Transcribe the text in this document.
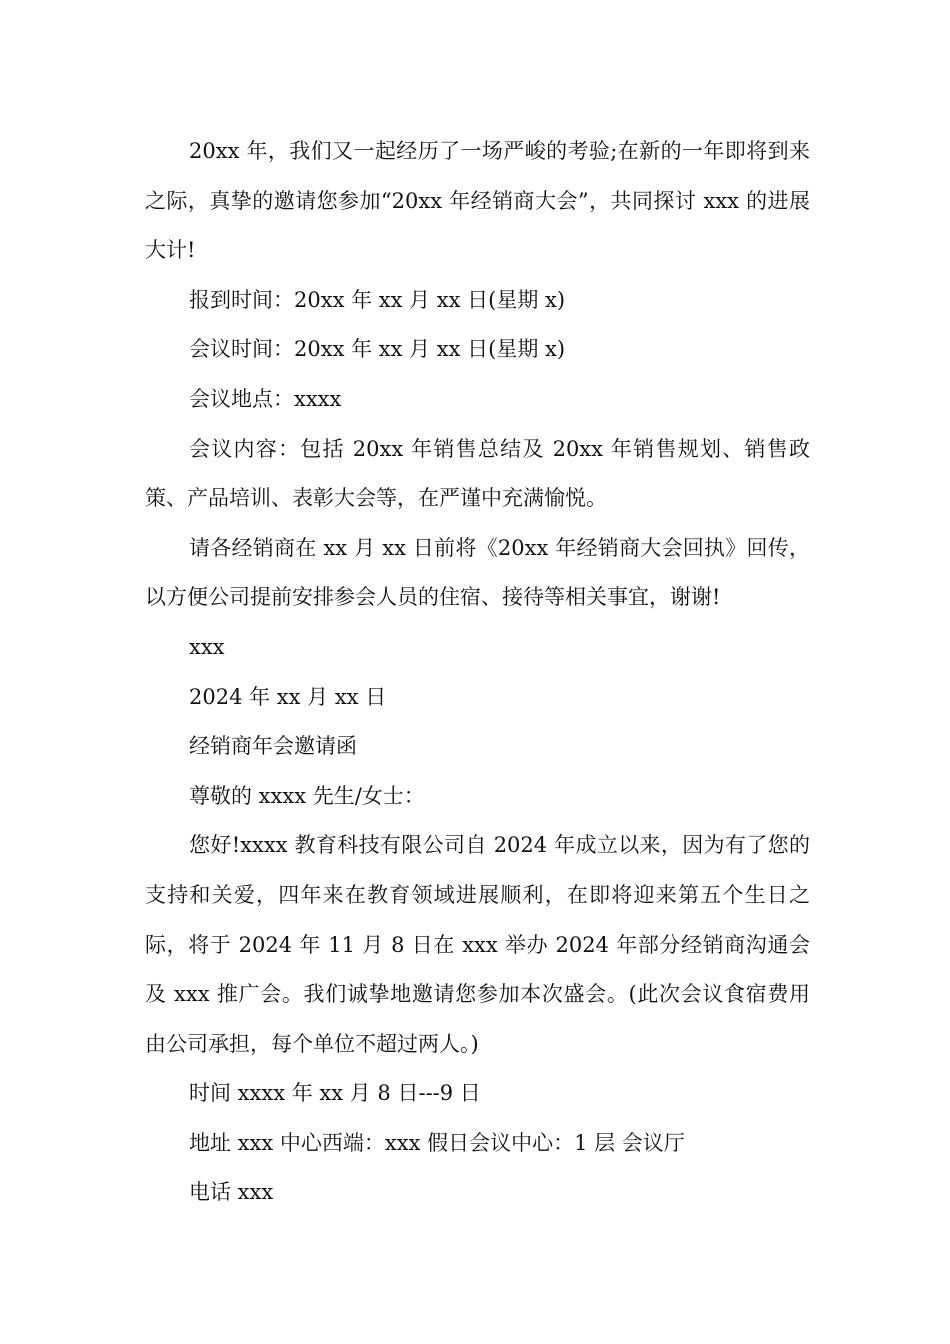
20xx 年，我们又一起经历了一场严峻的考验;在新的一年即将到来之际，真挚的邀请您参加“20xx 年经销商大会”，共同探讨 xxx 的进展大计!

报到时间：20xx 年 xx 月 xx 日(星期 x)

会议时间：20xx 年 xx 月 xx 日(星期 x)

会议地点：xxxx

会议内容：包括 20xx 年销售总结及 20xx 年销售规划、销售政策、产品培训、表彰大会等，在严谨中充满愉悦。

请各经销商在 xx 月 xx 日前将《20xx 年经销商大会回执》回传，以方便公司提前安排参会人员的住宿、接待等相关事宜，谢谢!

xxx

2024 年 xx 月 xx 日

经销商年会邀请函

尊敬的 xxxx 先生/女士：

您好!xxxx 教育科技有限公司自 2024 年成立以来，因为有了您的支持和关爱，四年来在教育领域进展顺利，在即将迎来第五个生日之际，将于 2024 年 11 月 8 日在 xxx 举办 2024 年部分经销商沟通会及 xxx 推广会。我们诚挚地邀请您参加本次盛会。(此次会议食宿费用由公司承担，每个单位不超过两人。)

时间 xxxx 年 xx 月 8 日---9 日

地址 xxx 中心西端：xxx 假日会议中心：1 层 会议厅

电话 xxx
